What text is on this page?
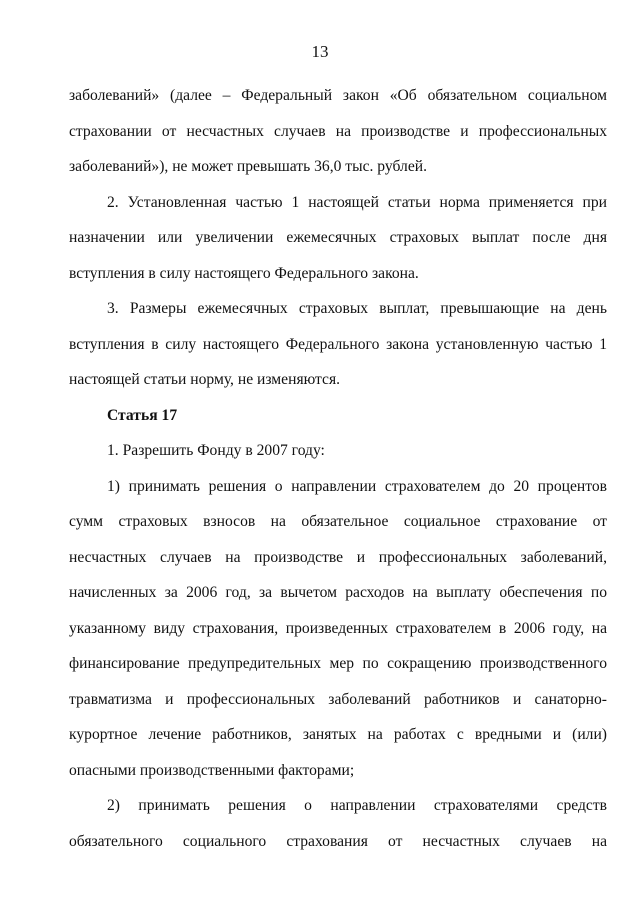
13
заболеваний» (далее – Федеральный закон «Об обязательном социальном
страховании от несчастных случаев на производстве и профессиональных
заболеваний»), не может превышать 36,0 тыс. рублей.
2. Установленная частью 1 настоящей статьи норма применяется при
назначении или увеличении ежемесячных страховых выплат после дня
вступления в силу настоящего Федерального закона.
3. Размеры ежемесячных страховых выплат, превышающие на день
вступления в силу настоящего Федерального закона установленную частью 1
настоящей статьи норму, не изменяются.
Статья 17
1. Разрешить Фонду в 2007 году:
1) принимать решения о направлении страхователем до 20 процентов
сумм страховых взносов на обязательное социальное страхование от
несчастных случаев на производстве и профессиональных заболеваний,
начисленных за 2006 год, за вычетом расходов на выплату обеспечения по
указанному виду страхования, произведенных страхователем в 2006 году, на
финансирование предупредительных мер по сокращению производственного
травматизма и профессиональных заболеваний работников и санаторно-
курортное лечение работников, занятых на работах с вредными и (или)
опасными производственными факторами;
2) принимать решения о направлении страхователями средств
обязательного социального страхования от несчастных случаев на
